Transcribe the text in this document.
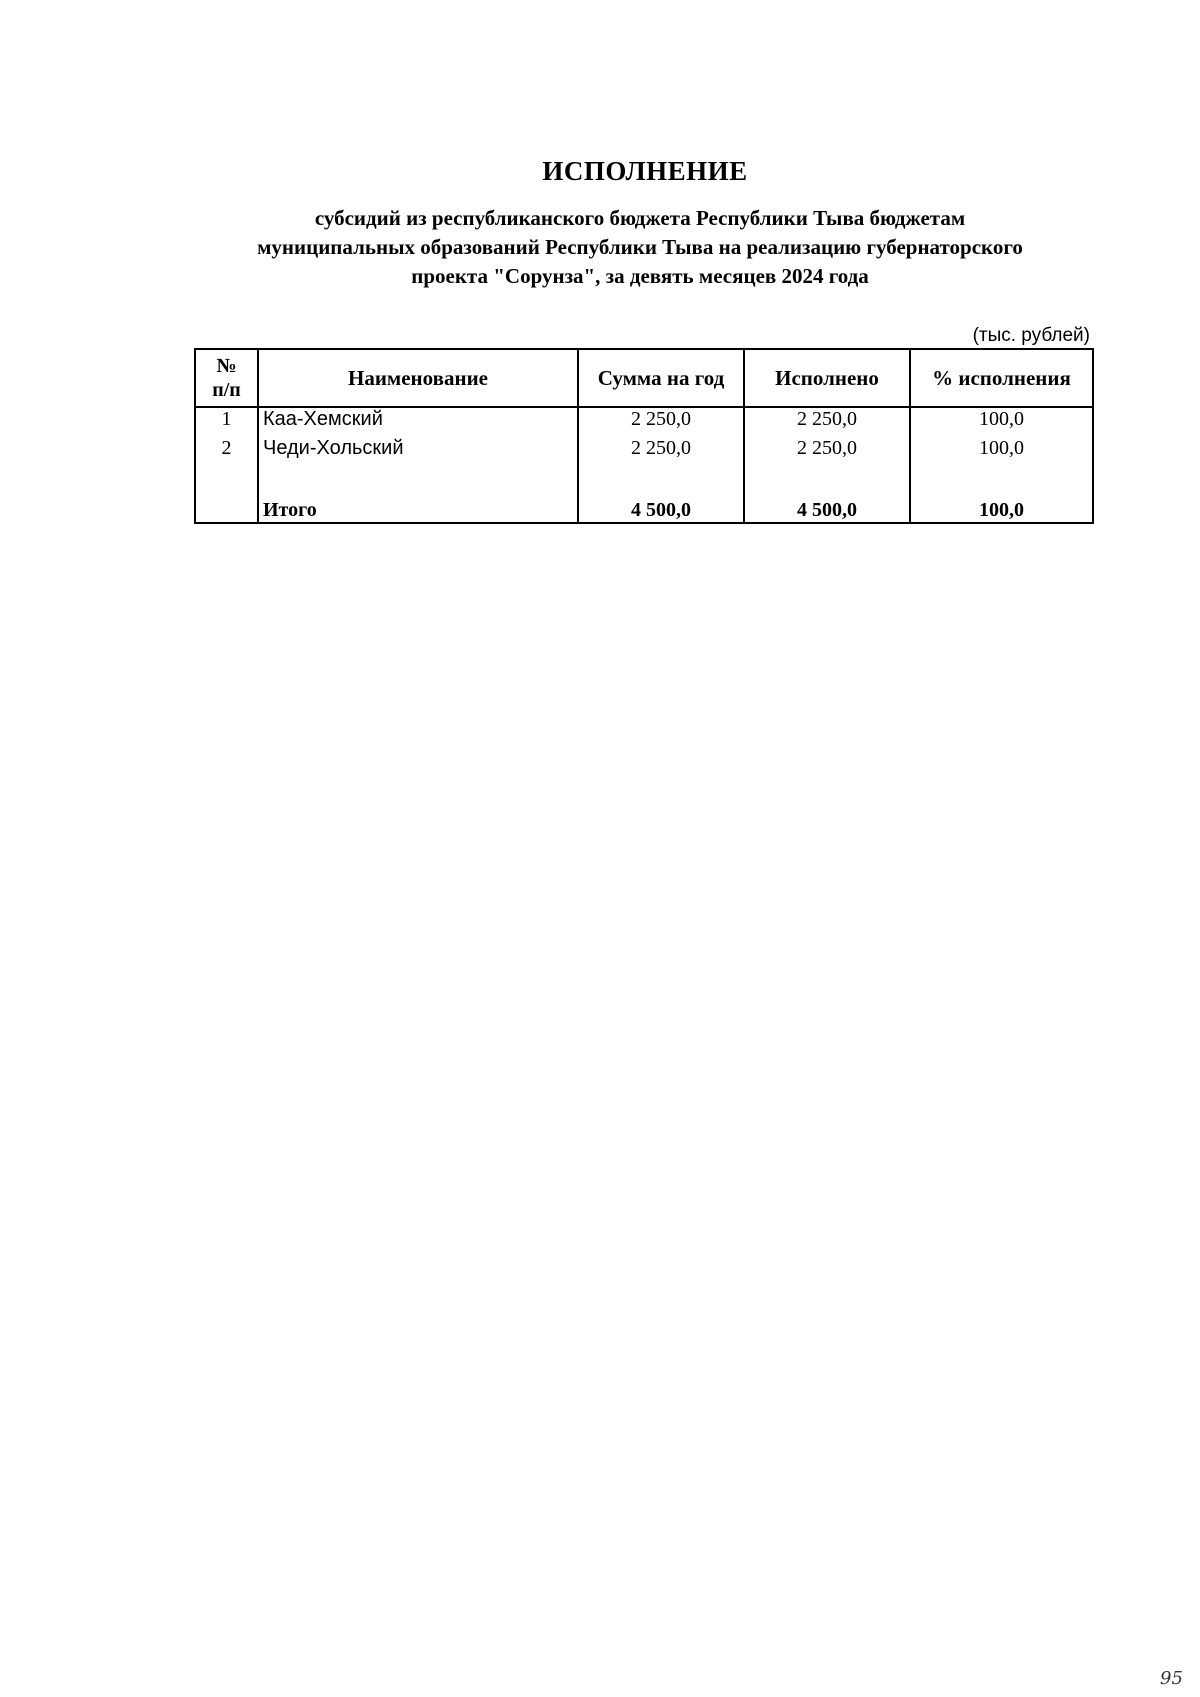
ИСПОЛНЕНИЕ
субсидий из республиканского бюджета Республики Тыва бюджетам
муниципальных образований Республики Тыва на реализацию губернаторского
проекта "Сорунза", за девять месяцев 2024 года
(тыс. рублей)
№
п/п	Наименование	Сумма на год	Исполнено	% исполнения
1	Каа-Хемский	2 250,0	2 250,0	100,0
2	Чеди-Хольский	2 250,0	2 250,0	100,0

	Итого	4 500,0	4 500,0	100,0
95
